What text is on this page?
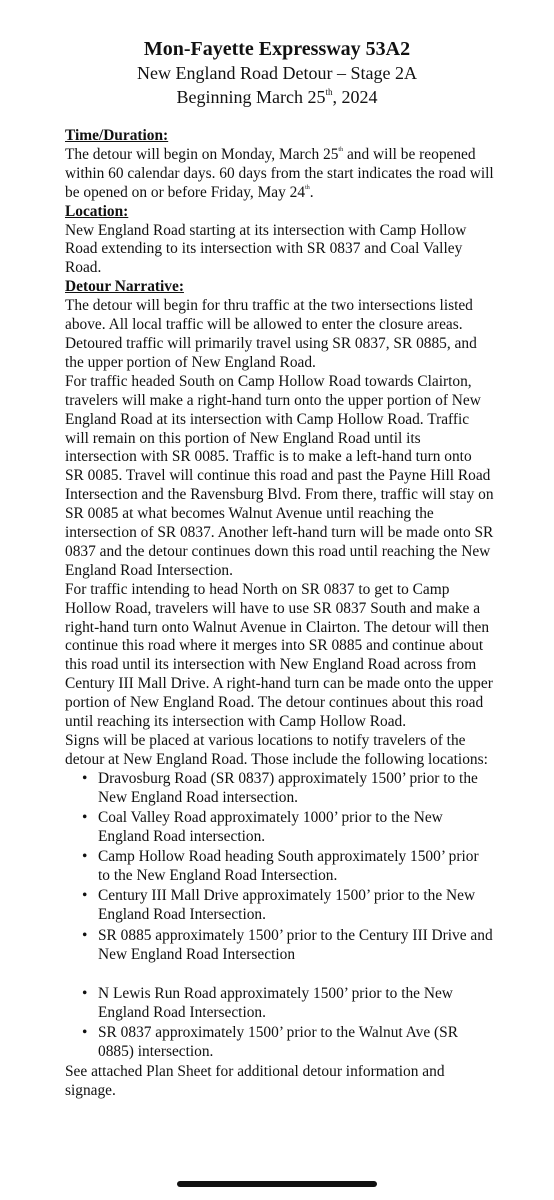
Mon-Fayette Expressway 53A2

New England Road Detour – Stage 2A

Beginning March 25th, 2024

Time/Duration:

The detour will begin on Monday, March 25th and will be reopened within 60 calendar days. 60 days from the start indicates the road will be opened on or before Friday, May 24th.

Location:

New England Road starting at its intersection with Camp Hollow Road extending to its intersection with SR 0837 and Coal Valley Road.

Detour Narrative:

The detour will begin for thru traffic at the two intersections listed above. All local traffic will be allowed to enter the closure areas. Detoured traffic will primarily travel using SR 0837, SR 0885, and the upper portion of New England Road.

For traffic headed South on Camp Hollow Road towards Clairton, travelers will make a right-hand turn onto the upper portion of New England Road at its intersection with Camp Hollow Road. Traffic will remain on this portion of New England Road until its intersection with SR 0085. Traffic is to make a left-hand turn onto SR 0085. Travel will continue this road and past the Payne Hill Road Intersection and the Ravensburg Blvd. From there, traffic will stay on SR 0085 at what becomes Walnut Avenue until reaching the intersection of SR 0837. Another left-hand turn will be made onto SR 0837 and the detour continues down this road until reaching the New England Road Intersection.

For traffic intending to head North on SR 0837 to get to Camp Hollow Road, travelers will have to use SR 0837 South and make a right-hand turn onto Walnut Avenue in Clairton. The detour will then continue this road where it merges into SR 0885 and continue about this road until its intersection with New England Road across from Century III Mall Drive. A right-hand turn can be made onto the upper portion of New England Road. The detour continues about this road until reaching its intersection with Camp Hollow Road.

Signs will be placed at various locations to notify travelers of the detour at New England Road. Those include the following locations:

• Dravosburg Road (SR 0837) approximately 1500’ prior to the New England Road intersection.
• Coal Valley Road approximately 1000’ prior to the New England Road intersection.
• Camp Hollow Road heading South approximately 1500’ prior to the New England Road Intersection.
• Century III Mall Drive approximately 1500’ prior to the New England Road Intersection.
• SR 0885 approximately 1500’ prior to the Century III Drive and New England Road Intersection
• N Lewis Run Road approximately 1500’ prior to the New England Road Intersection.
• SR 0837 approximately 1500’ prior to the Walnut Ave (SR 0885) intersection.

See attached Plan Sheet for additional detour information and signage.
